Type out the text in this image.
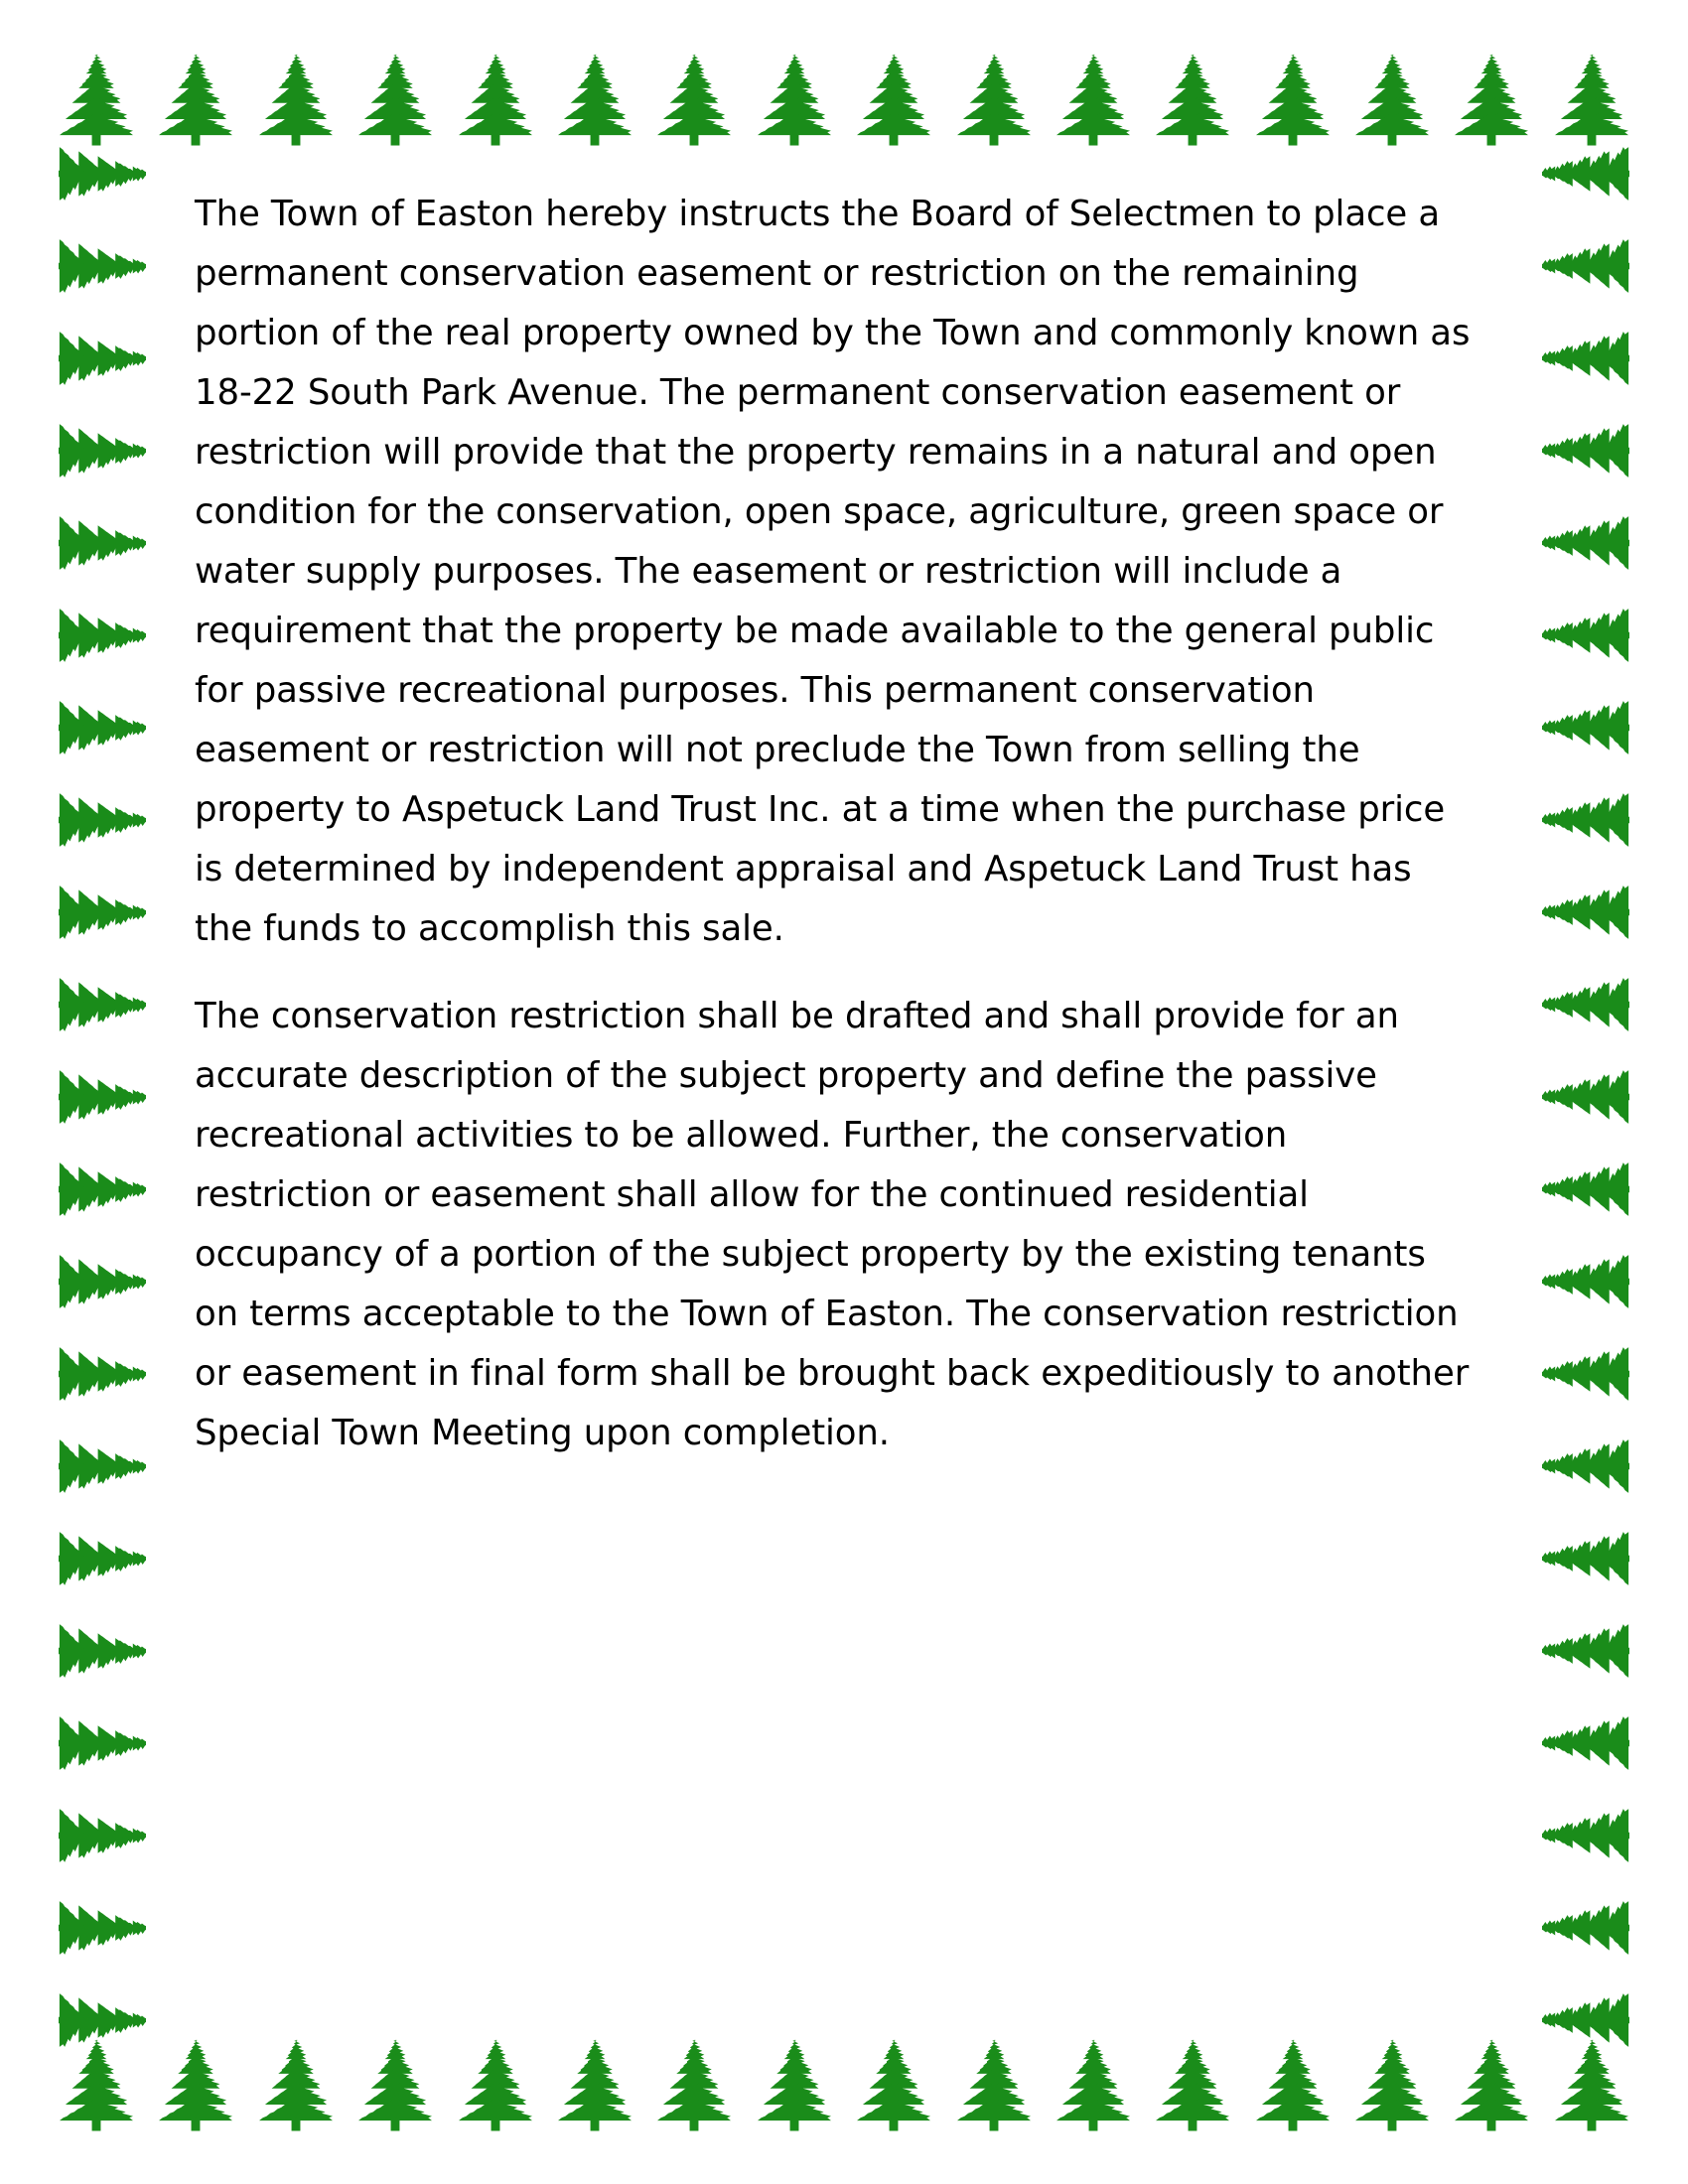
The Town of Easton hereby instructs the Board of Selectmen to place a permanent conservation easement or restriction on the remaining portion of the real property owned by the Town and commonly known as 18-22 South Park Avenue. The permanent conservation easement or restriction will provide that the property remains in a natural and open condition for the conservation, open space, agriculture, green space or water supply purposes. The easement or restriction will include a requirement that the property be made available to the general public for passive recreational purposes. This permanent conservation easement or restriction will not preclude the Town from selling the property to Aspetuck Land Trust Inc. at a time when the purchase price is determined by independent appraisal and Aspetuck Land Trust has the funds to accomplish this sale.

The conservation restriction shall be drafted and shall provide for an accurate description of the subject property and define the passive recreational activities to be allowed. Further, the conservation restriction or easement shall allow for the continued residential occupancy of a portion of the subject property by the existing tenants on terms acceptable to the Town of Easton. The conservation restriction or easement in final form shall be brought back expeditiously to another Special Town Meeting upon completion.
